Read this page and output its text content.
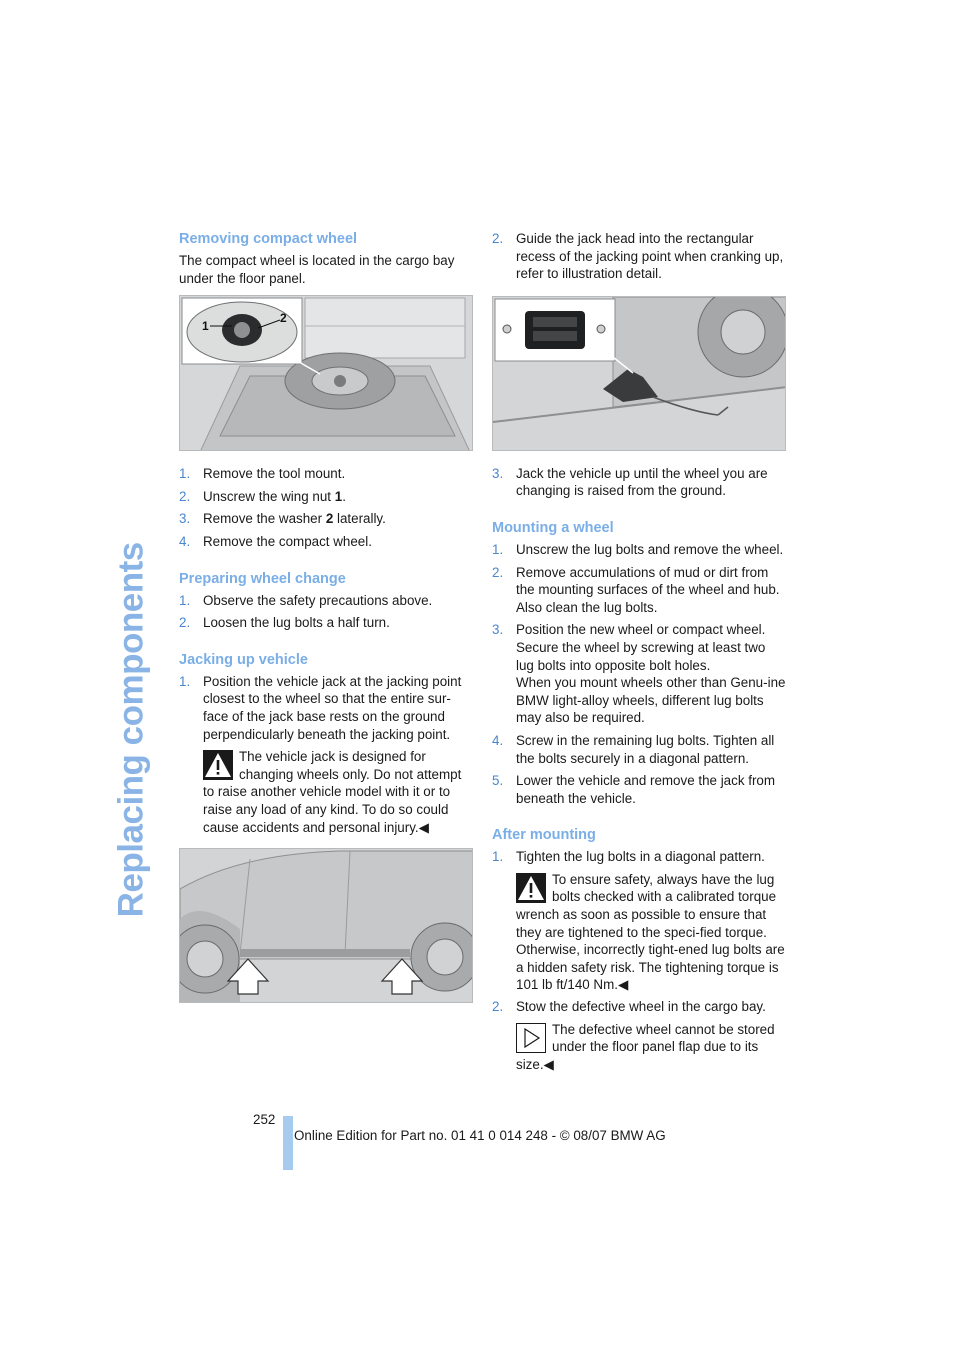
Replacing components
Removing compact wheel

The compact wheel is located in the cargo bay under the floor panel.

1
2
1. Remove the tool mount.
2. Unscrew the wing nut 1.
3. Remove the washer 2 laterally.
4. Remove the compact wheel.
Preparing wheel change
1. Observe the safety precautions above.
2. Loosen the lug bolts a half turn.
Jacking up vehicle
1. Position the vehicle jack at the jacking point closest to the wheel so that the entire sur-face of the jack base rests on the ground perpendicularly beneath the jacking point.
The vehicle jack is designed for changing wheels only. Do not attempt to raise another vehicle model with it or to raise any load of any kind. To do so could cause accidents and personal injury.◀
2. Guide the jack head into the rectangular recess of the jacking point when cranking up, refer to illustration detail.
3. Jack the vehicle up until the wheel you are changing is raised from the ground.
Mounting a wheel
1. Unscrew the lug bolts and remove the wheel.
2. Remove accumulations of mud or dirt from the mounting surfaces of the wheel and hub. Also clean the lug bolts.
3. Position the new wheel or compact wheel. Secure the wheel by screwing at least two lug bolts into opposite bolt holes.
When you mount wheels other than Genu-ine BMW light-alloy wheels, different lug bolts may also be required.
4. Screw in the remaining lug bolts. Tighten all the bolts securely in a diagonal pattern.
5. Lower the vehicle and remove the jack from beneath the vehicle.
After mounting
1. Tighten the lug bolts in a diagonal pattern.
To ensure safety, always have the lug bolts checked with a calibrated torque wrench as soon as possible to ensure that they are tightened to the speci-fied torque. Otherwise, incorrectly tight-ened lug bolts are a hidden safety risk. The tightening torque is 101 lb ft/140 Nm.◀
2. Stow the defective wheel in the cargo bay.
The defective wheel cannot be stored under the floor panel flap due to its size.◀
252
Online Edition for Part no. 01 41 0 014 248 - © 08/07 BMW AG
